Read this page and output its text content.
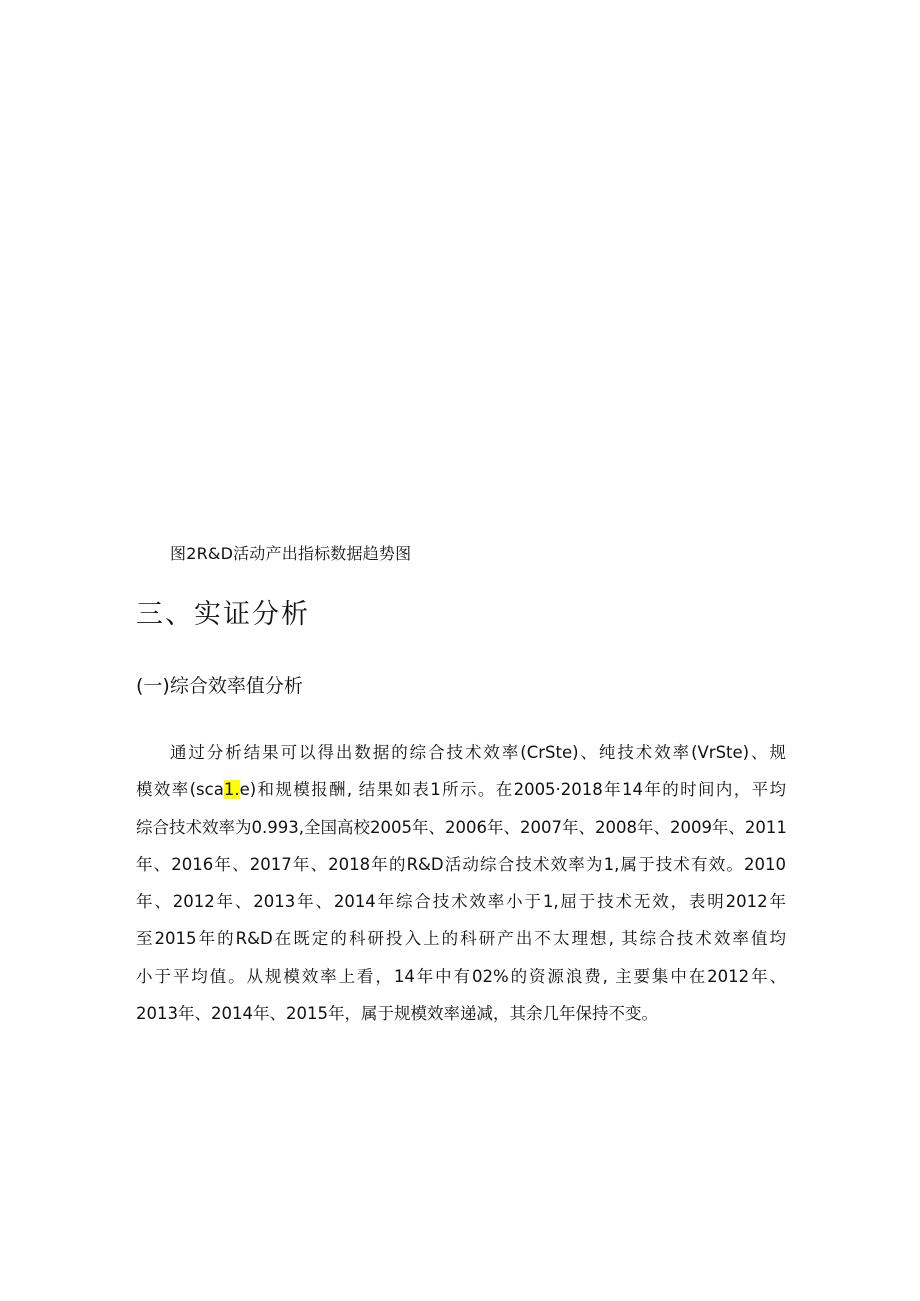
图2R&D活动产出指标数据趋势图
三、实证分析
(一)综合效率值分析
通过分析结果可以得出数据的综合技术效率(CrSte)、纯技术效率(VrSte)、规
模效率(sca1.e)和规模报酬, 结果如表1所示。在2005·2018年14年的时间内，平均
综合技术效率为0.993,全国高校2005年、2006年、2007年、2008年、2009年、2011
年、2016年、2017年、2018年的R&D活动综合技术效率为1,属于技术有效。2010
年、2012年、2013年、2014年综合技术效率小于1,屈于技术无效，表明2012年
至2015年的R&D在既定的科研投入上的科研产出不太理想, 其综合技术效率值均
小于平均值。从规模效率上看，14年中有02%的资源浪费, 主要集中在2012年、
2013年、2014年、2015年，属于规模效率递减，其余几年保持不变。
